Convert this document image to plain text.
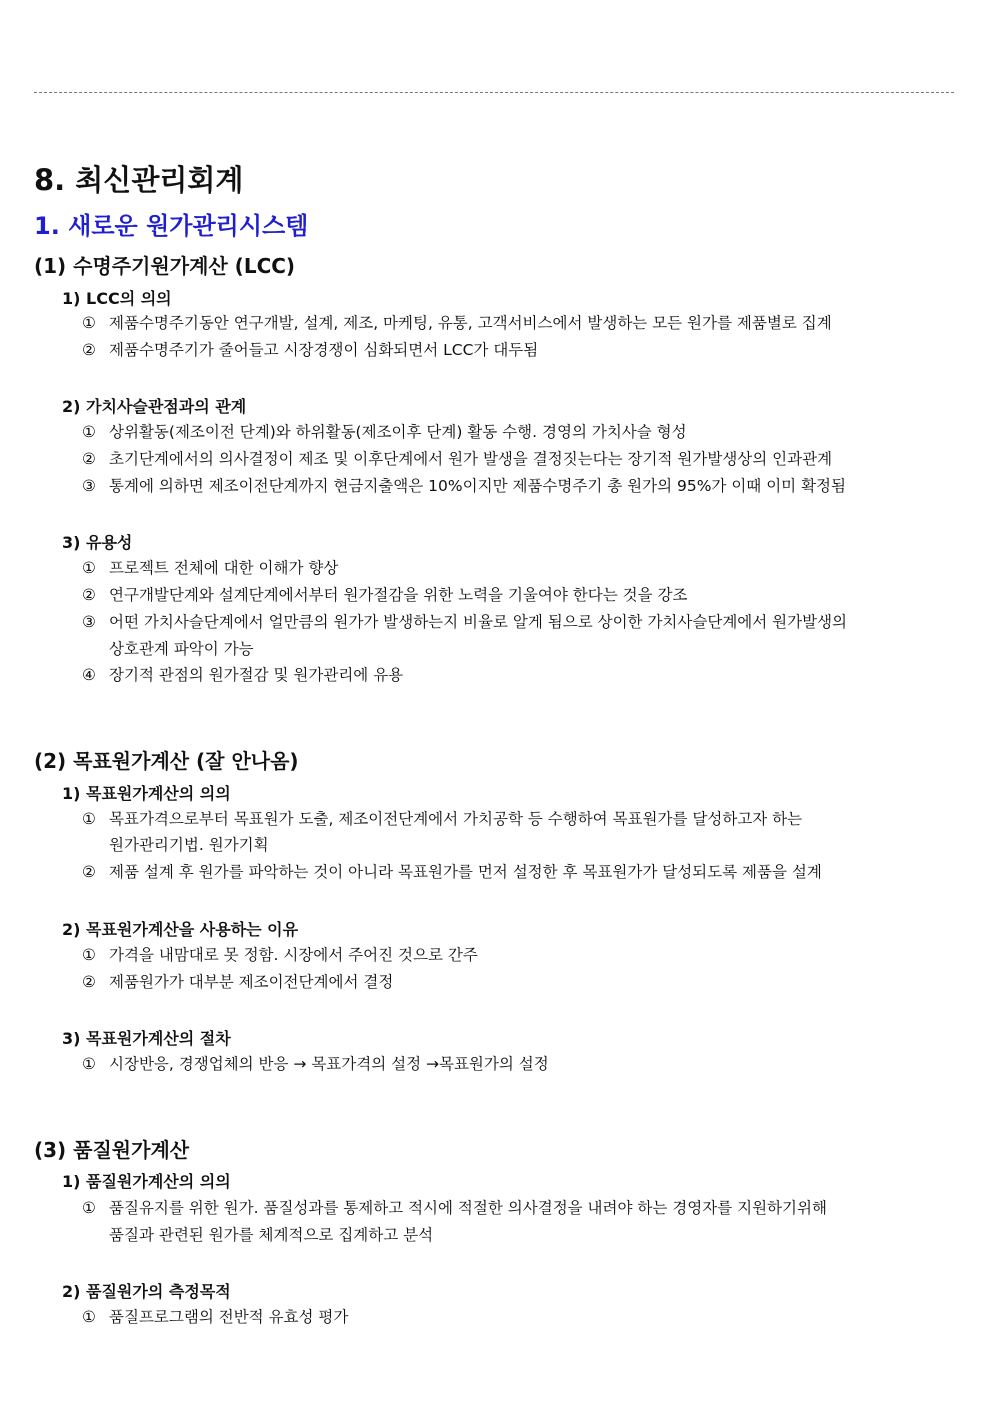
8. 최신관리회계
1. 새로운 원가관리시스템
(1) 수명주기원가계산 (LCC)
1) LCC의 의의
① 제품수명주기동안 연구개발, 설계, 제조, 마케팅, 유통, 고객서비스에서 발생하는 모든 원가를 제품별로 집계
② 제품수명주기가 줄어들고 시장경쟁이 심화되면서 LCC가 대두됨
2) 가치사슬관점과의 관계
① 상위활동(제조이전 단계)와 하위활동(제조이후 단계) 활동 수행. 경영의 가치사슬 형성
② 초기단계에서의 의사결정이 제조 및 이후단계에서 원가 발생을 결정짓는다는 장기적 원가발생상의 인과관계
③ 통계에 의하면 제조이전단계까지 현금지출액은 10%이지만 제품수명주기 총 원가의 95%가 이때 이미 확정됨
3) 유용성
① 프로젝트 전체에 대한 이해가 향상
② 연구개발단계와 설계단계에서부터 원가절감을 위한 노력을 기울여야 한다는 것을 강조
③ 어떤 가치사슬단계에서 얼만큼의 원가가 발생하는지 비율로 알게 됨으로 상이한 가치사슬단계에서 원가발생의
상호관계 파악이 가능
④ 장기적 관점의 원가절감 및 원가관리에 유용
(2) 목표원가계산 (잘 안나옴)
1) 목표원가계산의 의의
① 목표가격으로부터 목표원가 도출, 제조이전단계에서 가치공학 등 수행하여 목표원가를 달성하고자 하는
원가관리기법. 원가기획
② 제품 설계 후 원가를 파악하는 것이 아니라 목표원가를 먼저 설정한 후 목표원가가 달성되도록 제품을 설계
2) 목표원가계산을 사용하는 이유
① 가격을 내맘대로 못 정함. 시장에서 주어진 것으로 간주
② 제품원가가 대부분 제조이전단계에서 결정
3) 목표원가계산의 절차
① 시장반응, 경쟁업체의 반응 → 목표가격의 설정 →목표원가의 설정
(3) 품질원가계산
1) 품질원가계산의 의의
① 품질유지를 위한 원가. 품질성과를 통제하고 적시에 적절한 의사결정을 내려야 하는 경영자를 지원하기위해
품질과 관련된 원가를 체계적으로 집계하고 분석
2) 품질원가의 측정목적
① 품질프로그램의 전반적 유효성 평가
